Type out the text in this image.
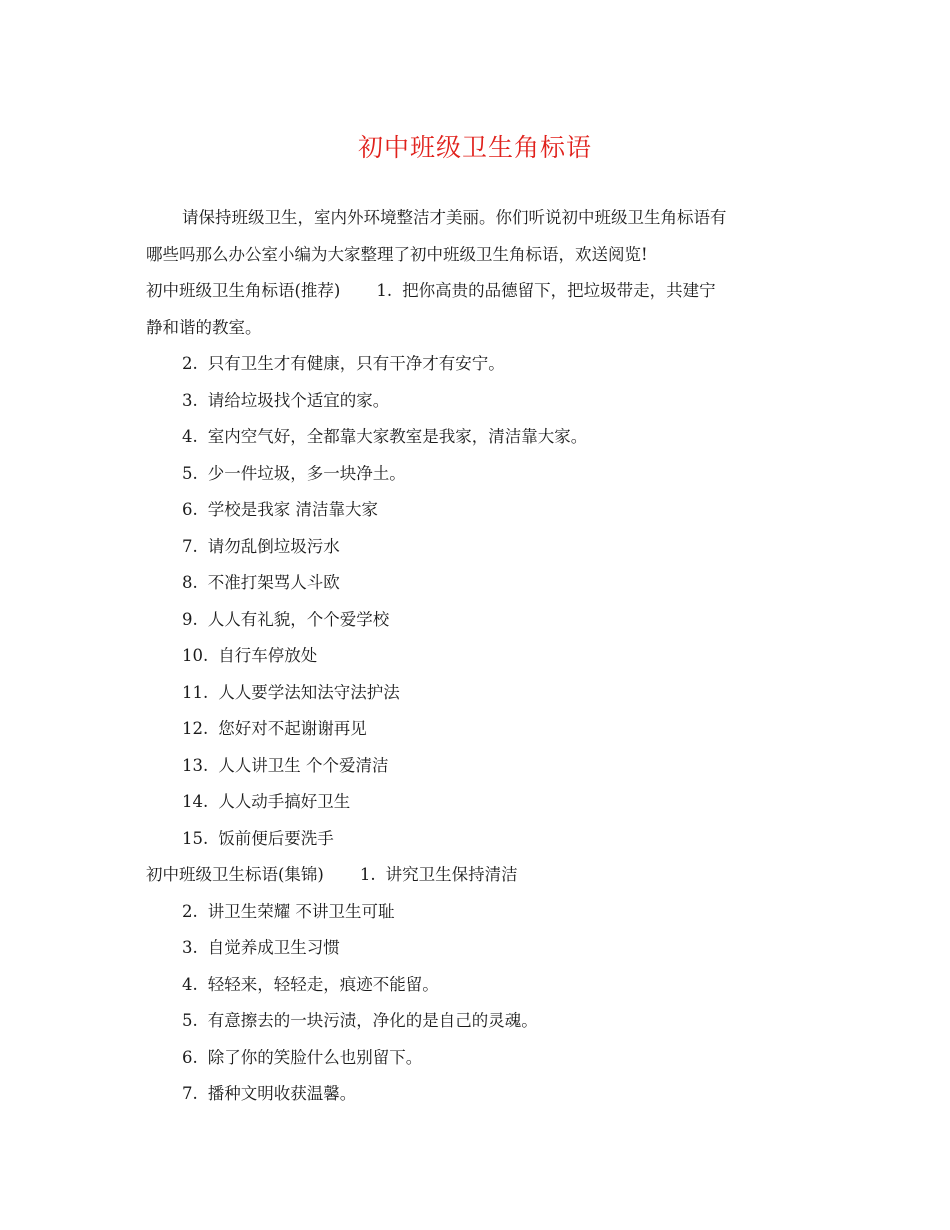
初中班级卫生角标语
请保持班级卫生，室内外环境整洁才美丽。你们听说初中班级卫生角标语有
哪些吗那么办公室小编为大家整理了初中班级卫生角标语，欢送阅览!
初中班级卫生角标语(推荐) 1. 把你高贵的品德留下，把垃圾带走，共建宁
静和谐的教室。
2. 只有卫生才有健康，只有干净才有安宁。
3. 请给垃圾找个适宜的家。
4. 室内空气好，全都靠大家教室是我家，清洁靠大家。
5. 少一件垃圾，多一块净土。
6. 学校是我家 清洁靠大家
7. 请勿乱倒垃圾污水
8. 不准打架骂人斗欧
9. 人人有礼貌，个个爱学校
10. 自行车停放处
11. 人人要学法知法守法护法
12. 您好对不起谢谢再见
13. 人人讲卫生 个个爱清洁
14. 人人动手搞好卫生
15. 饭前便后要洗手
初中班级卫生标语(集锦) 1. 讲究卫生保持清洁
2. 讲卫生荣耀 不讲卫生可耻
3. 自觉养成卫生习惯
4. 轻轻来，轻轻走，痕迹不能留。
5. 有意擦去的一块污渍，净化的是自己的灵魂。
6. 除了你的笑脸什么也别留下。
7. 播种文明收获温馨。
